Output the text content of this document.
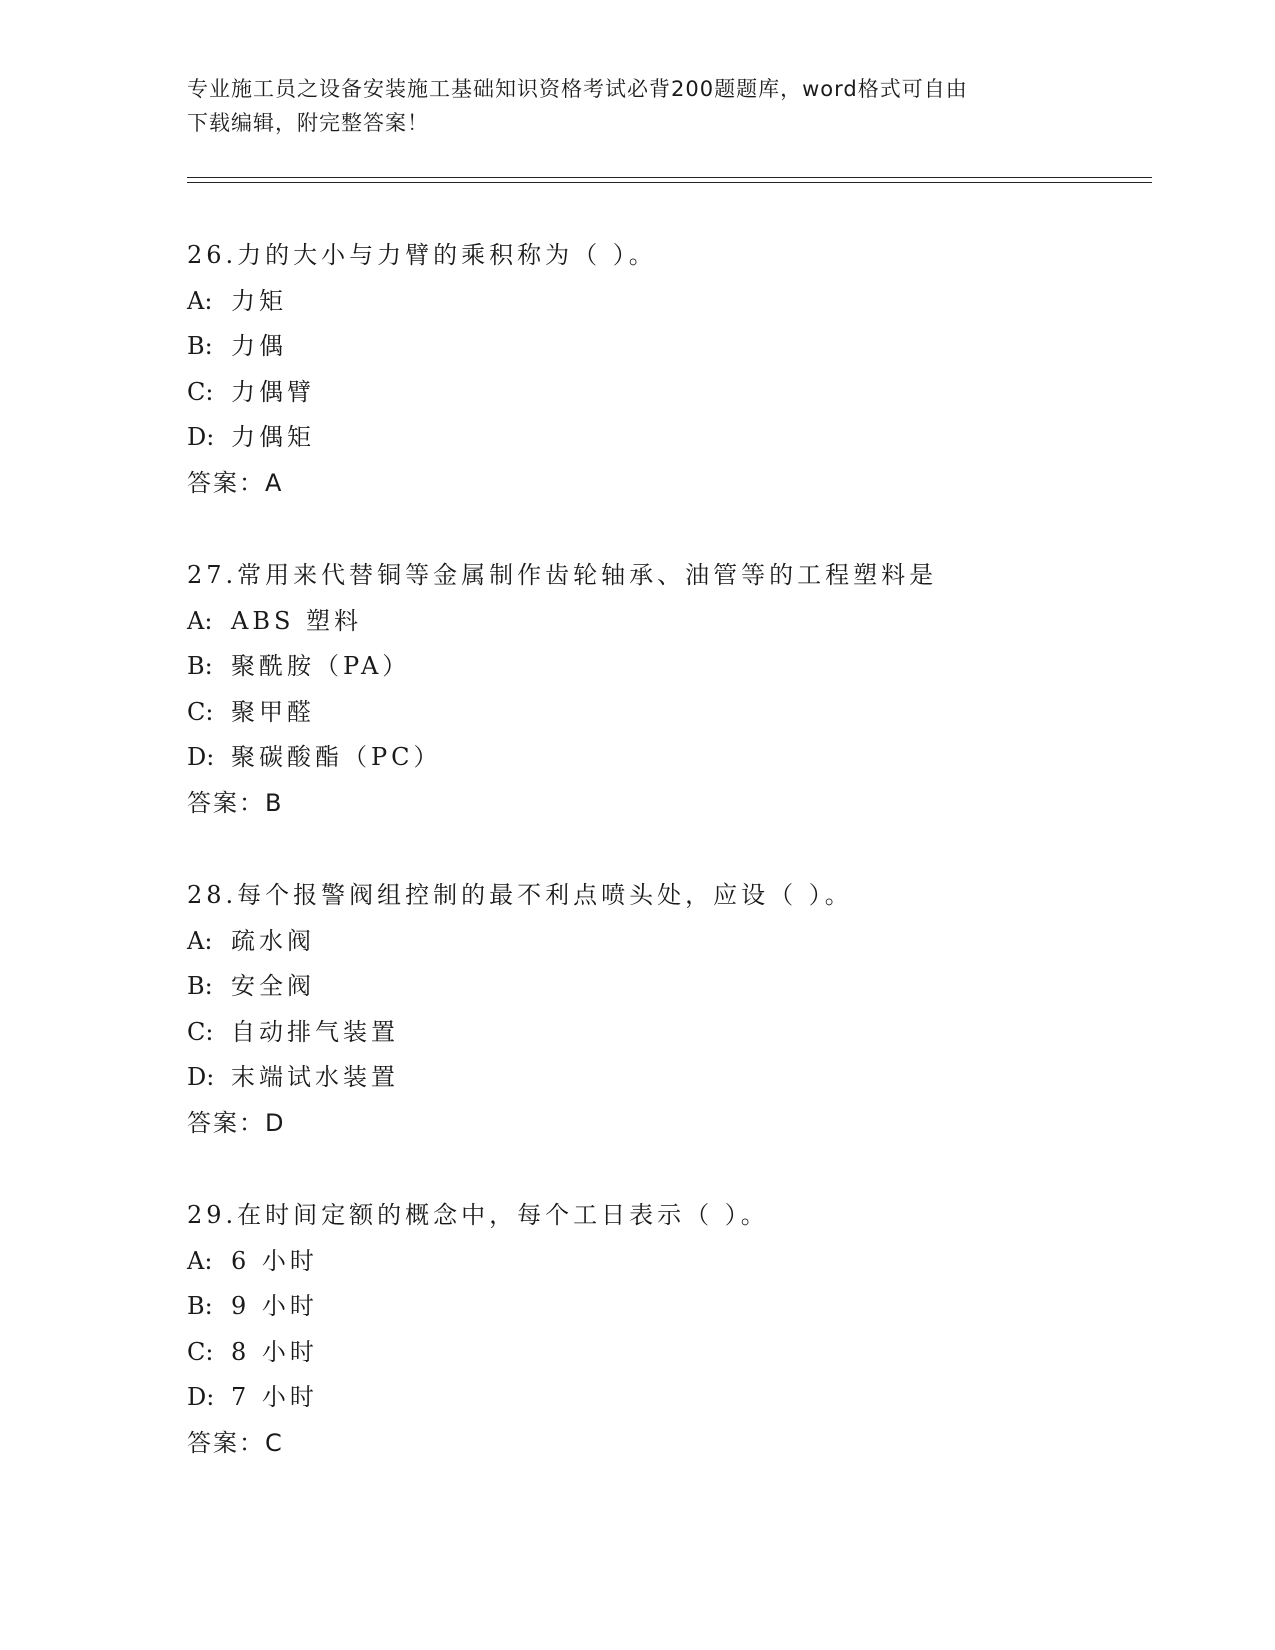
专业施工员之设备安装施工基础知识资格考试必背200题题库，word格式可自由
下载编辑，附完整答案！
26.力的大小与力臂的乘积称为（ ）。
A: 力矩
B: 力偶
C: 力偶臂
D: 力偶矩
答案：A
27.常用来代替铜等金属制作齿轮轴承、油管等的工程塑料是
A: ABS 塑料
B: 聚酰胺（PA）
C: 聚甲醛
D: 聚碳酸酯（PC）
答案：B
28.每个报警阀组控制的最不利点喷头处，应设（ ）。
A: 疏水阀
B: 安全阀
C: 自动排气装置
D: 末端试水装置
答案：D
29.在时间定额的概念中，每个工日表示（ ）。
A: 6 小时
B: 9 小时
C: 8 小时
D: 7 小时
答案：C
